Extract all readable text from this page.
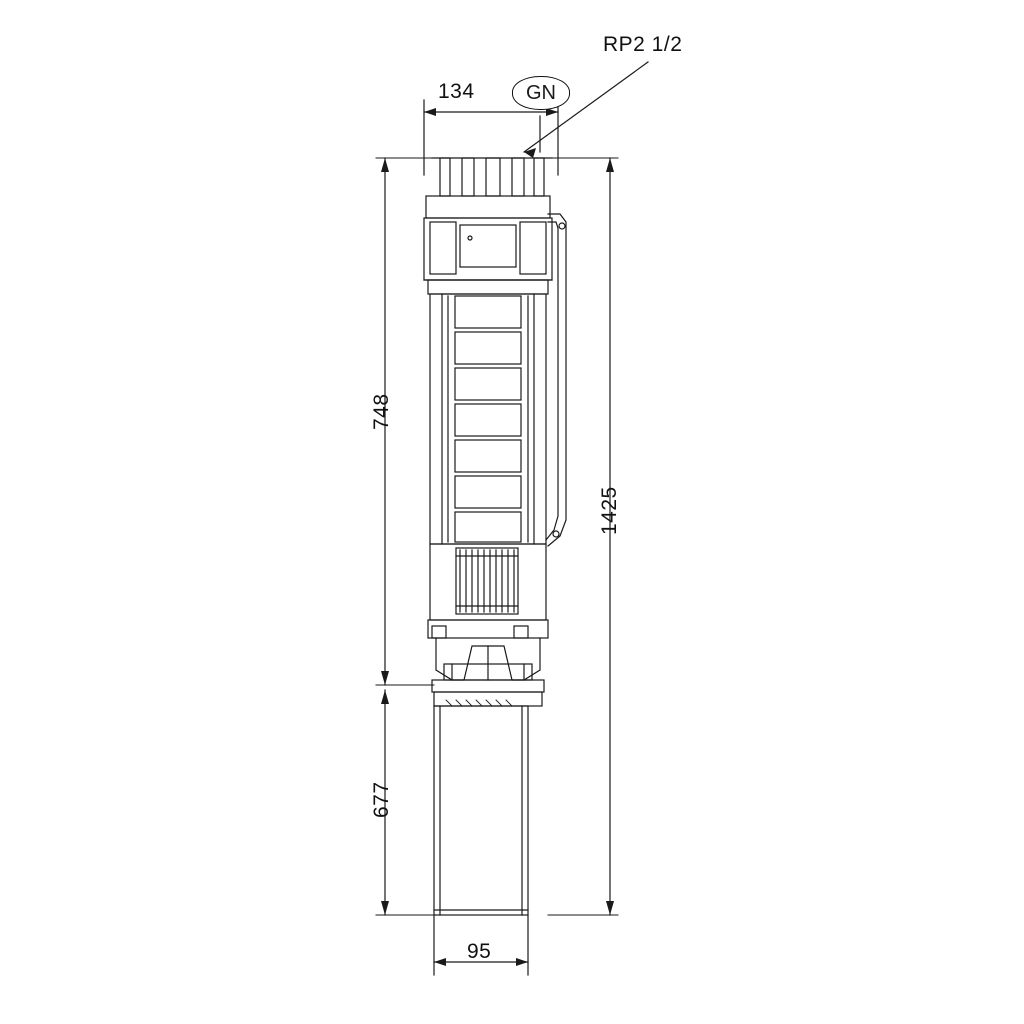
RP2 1/2
134	GN
748
1425
677
95
